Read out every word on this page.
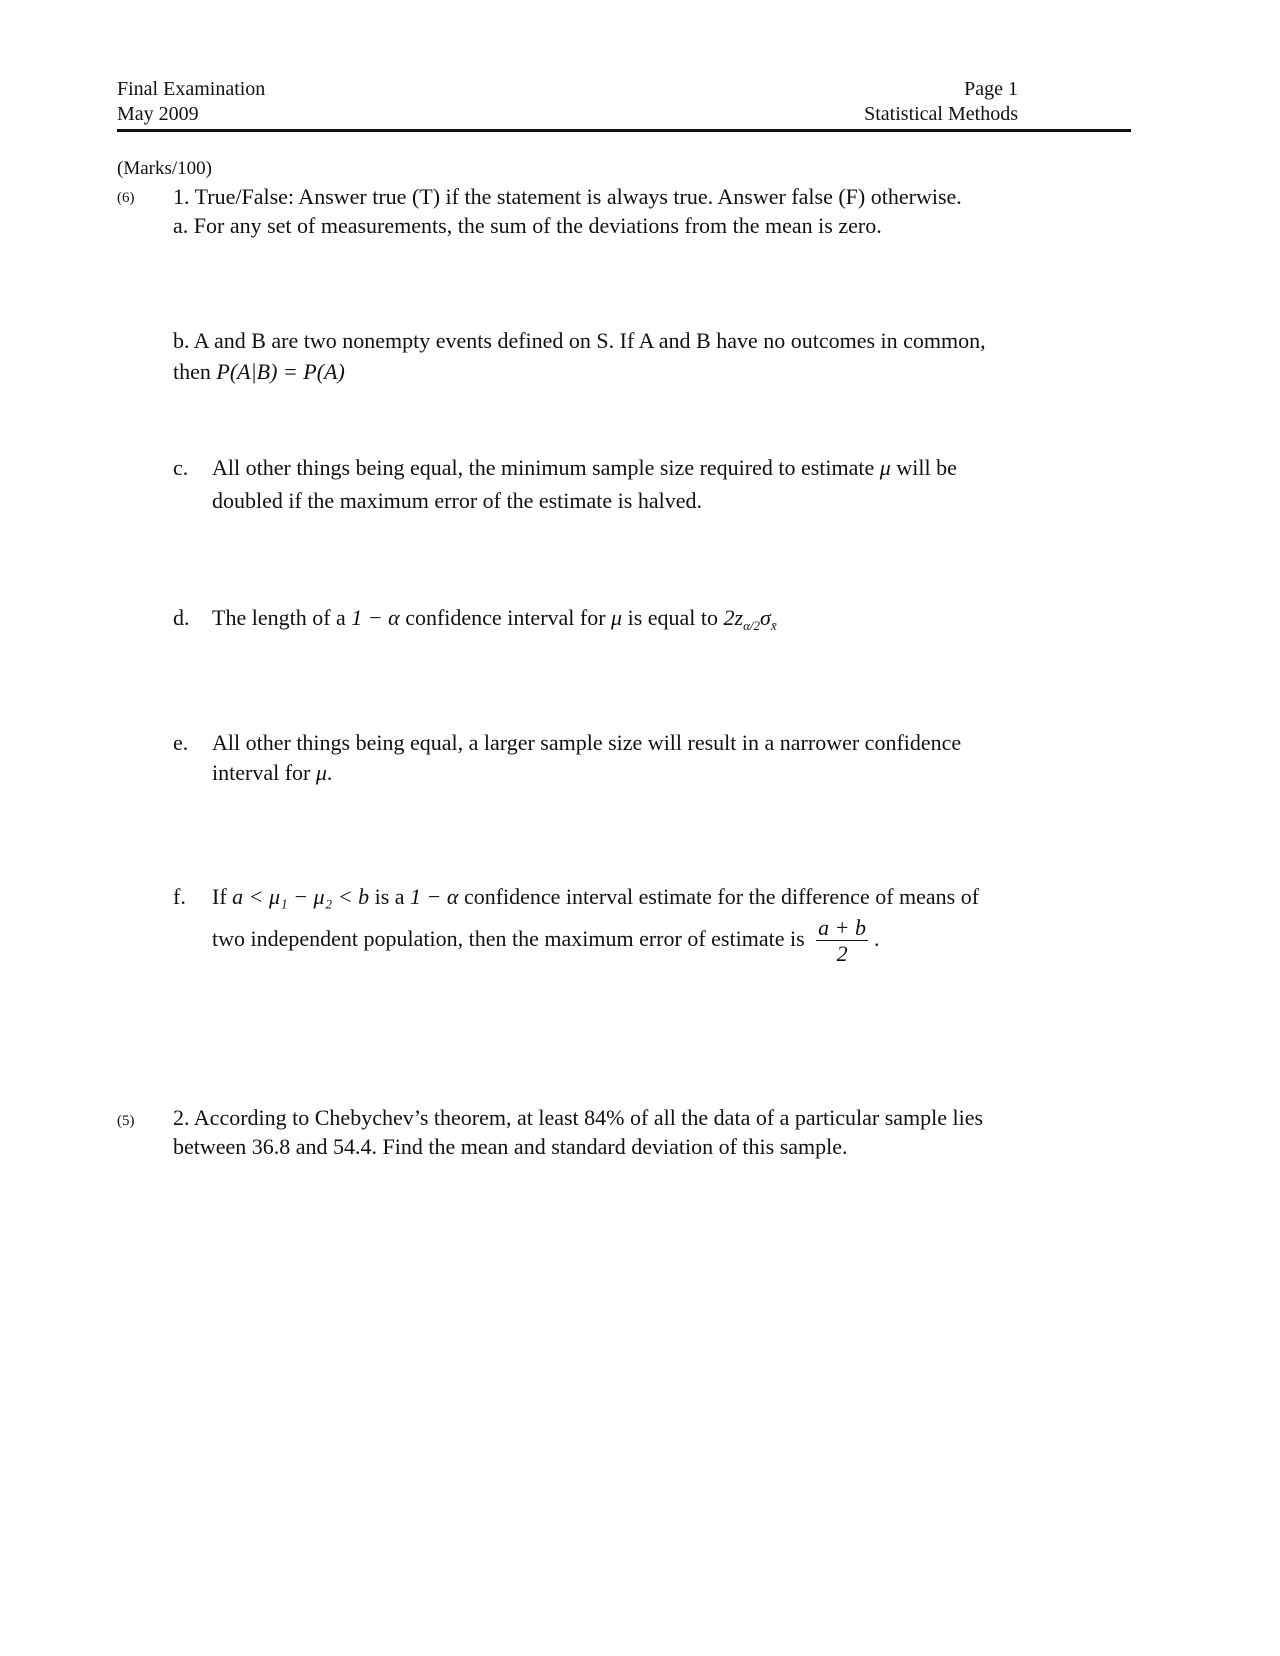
Final Examination
May 2009
Page 1
Statistical Methods
(Marks/100)
(6) 1. True/False: Answer true (T) if the statement is always true. Answer false (F) otherwise.
a. For any set of measurements, the sum of the deviations from the mean is zero.
b. A and B are two nonempty events defined on S. If A and B have no outcomes in common,
then P(A|B) = P(A)
c. All other things being equal, the minimum sample size required to estimate μ will be
doubled if the maximum error of the estimate is halved.
d. The length of a 1 − α confidence interval for μ is equal to $2z_{\alpha/2}\sigma_{x̄}$
e. All other things being equal, a larger sample size will result in a narrower confidence
interval for μ.
f. If a < μ₁ − μ₂ < b is a 1 − α confidence interval estimate for the difference of means of
two independent population, then the maximum error of estimate is $\frac{a + b}{2}$ .
(5) 2. According to Chebychev’s theorem, at least 84% of all the data of a particular sample lies
between 36.8 and 54.4. Find the mean and standard deviation of this sample.
